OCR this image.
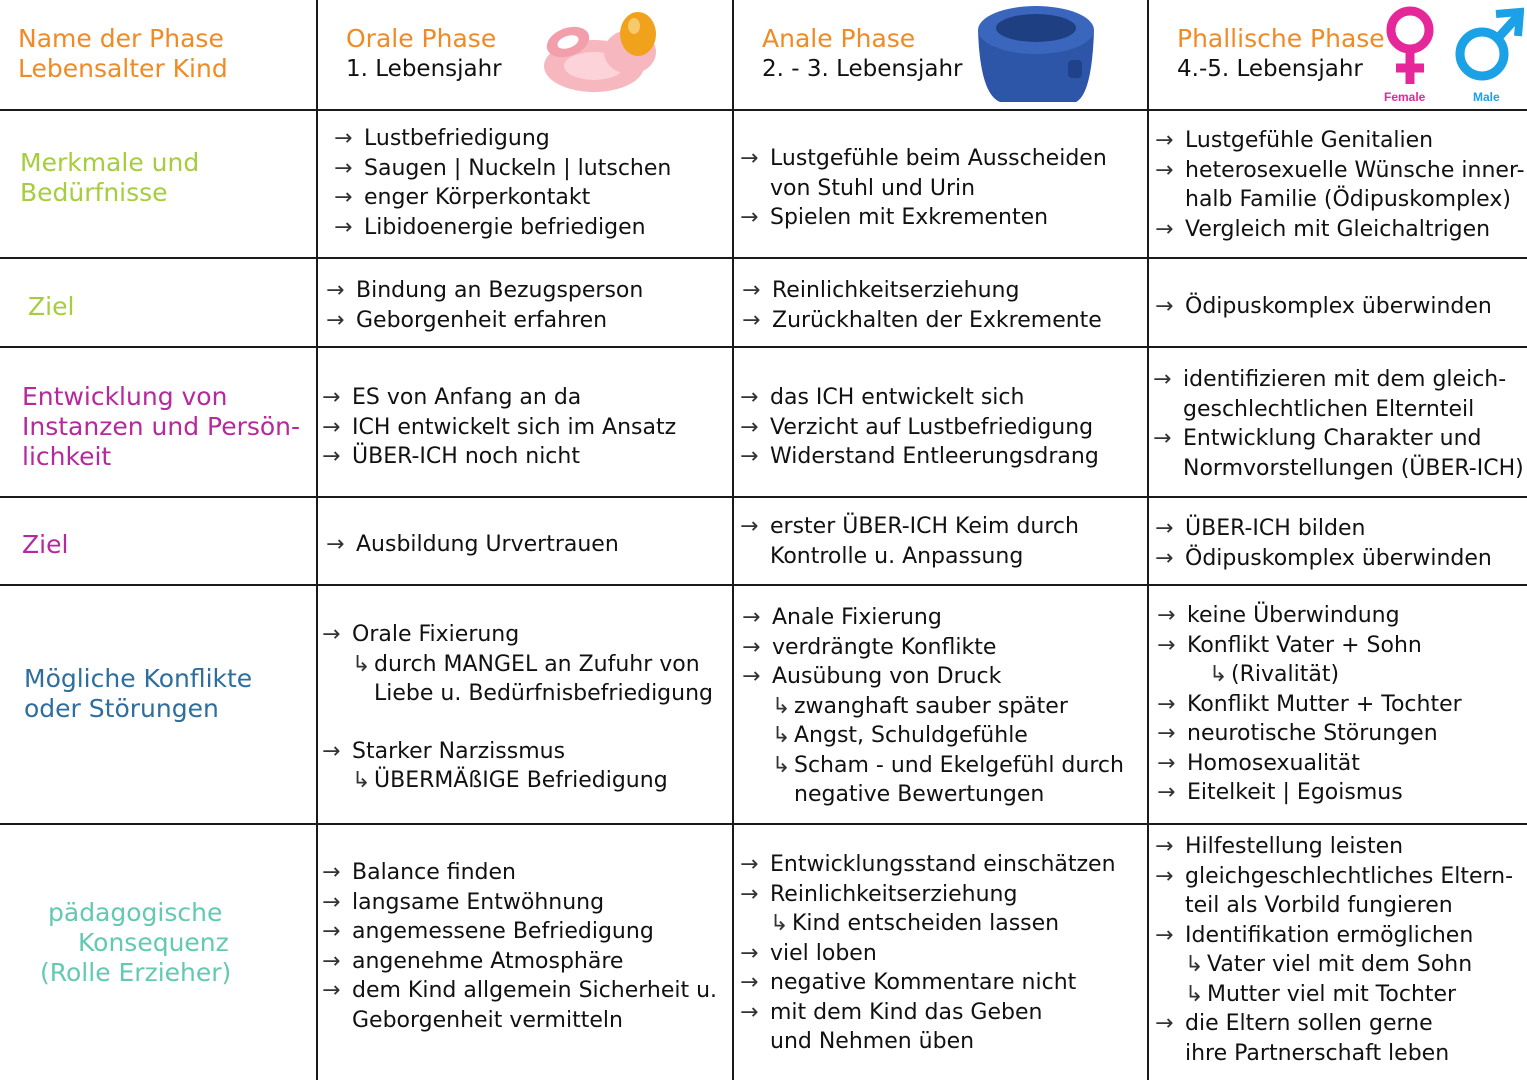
Name der Phase
Lebensalter Kind
Orale Phase
1. Lebensjahr
Anale Phase
2. - 3. Lebensjahr
Phallische Phase
4.-5. Lebensjahr
Female	Male
Merkmale und
Bedürfnisse
→ Lustbefriedigung
→ Saugen | Nuckeln | lutschen
→ enger Körperkontakt
→ Libidoenergie befriedigen
→ Lustgefühle beim Ausscheiden
von Stuhl und Urin
→ Spielen mit Exkrementen
→ Lustgefühle Genitalien
→ heterosexuelle Wünsche inner-
halb Familie (Ödipuskomplex)
→ Vergleich mit Gleichaltrigen
Ziel
→ Bindung an Bezugsperson
→ Geborgenheit erfahren
→ Reinlichkeitserziehung
→ Zurückhalten der Exkremente
→ Ödipuskomplex überwinden
Entwicklung von
Instanzen und Persön-
lichkeit
→ ES von Anfang an da
→ ICH entwickelt sich im Ansatz
→ ÜBER-ICH noch nicht
→ das ICH entwickelt sich
→ Verzicht auf Lustbefriedigung
→ Widerstand Entleerungsdrang
→ identifizieren mit dem gleich-
geschlechtlichen Elternteil
→ Entwicklung Charakter und
Normvorstellungen (ÜBER-ICH)
Ziel	→ Ausbildung Urvertrauen
→ erster ÜBER-ICH Keim durch
Kontrolle u. Anpassung
→ ÜBER-ICH bilden
→ Ödipuskomplex überwinden
Mögliche Konflikte
oder Störungen
→ Orale Fixierung
↳ durch MANGEL an Zufuhr von
Liebe u. Bedürfnisbefriedigung
→ Starker Narzissmus
↳ ÜBERMÄßIGE Befriedigung
→ Anale Fixierung
→ verdrängte Konflikte
→ Ausübung von Druck
↳ zwanghaft sauber später
↳ Angst, Schuldgefühle
↳ Scham - und Ekelgefühl durch
negative Bewertungen
→ keine Überwindung
→ Konflikt Vater + Sohn
↳ (Rivalität)
→ Konflikt Mutter + Tochter
→ neurotische Störungen
→ Homosexualität
→ Eitelkeit | Egoismus
pädagogische
Konsequenz
(Rolle Erzieher)
→ Balance finden
→ langsame Entwöhnung
→ angemessene Befriedigung
→ angenehme Atmosphäre
→ dem Kind allgemein Sicherheit u.
Geborgenheit vermitteln
→ Entwicklungsstand einschätzen
→ Reinlichkeitserziehung
↳ Kind entscheiden lassen
→ viel loben
→ negative Kommentare nicht
→ mit dem Kind das Geben
und Nehmen üben
→ Hilfestellung leisten
→ gleichgeschlechtliches Eltern-
teil als Vorbild fungieren
→ Identifikation ermöglichen
↳ Vater viel mit dem Sohn
↳ Mutter viel mit Tochter
→ die Eltern sollen gerne
ihre Partnerschaft leben
